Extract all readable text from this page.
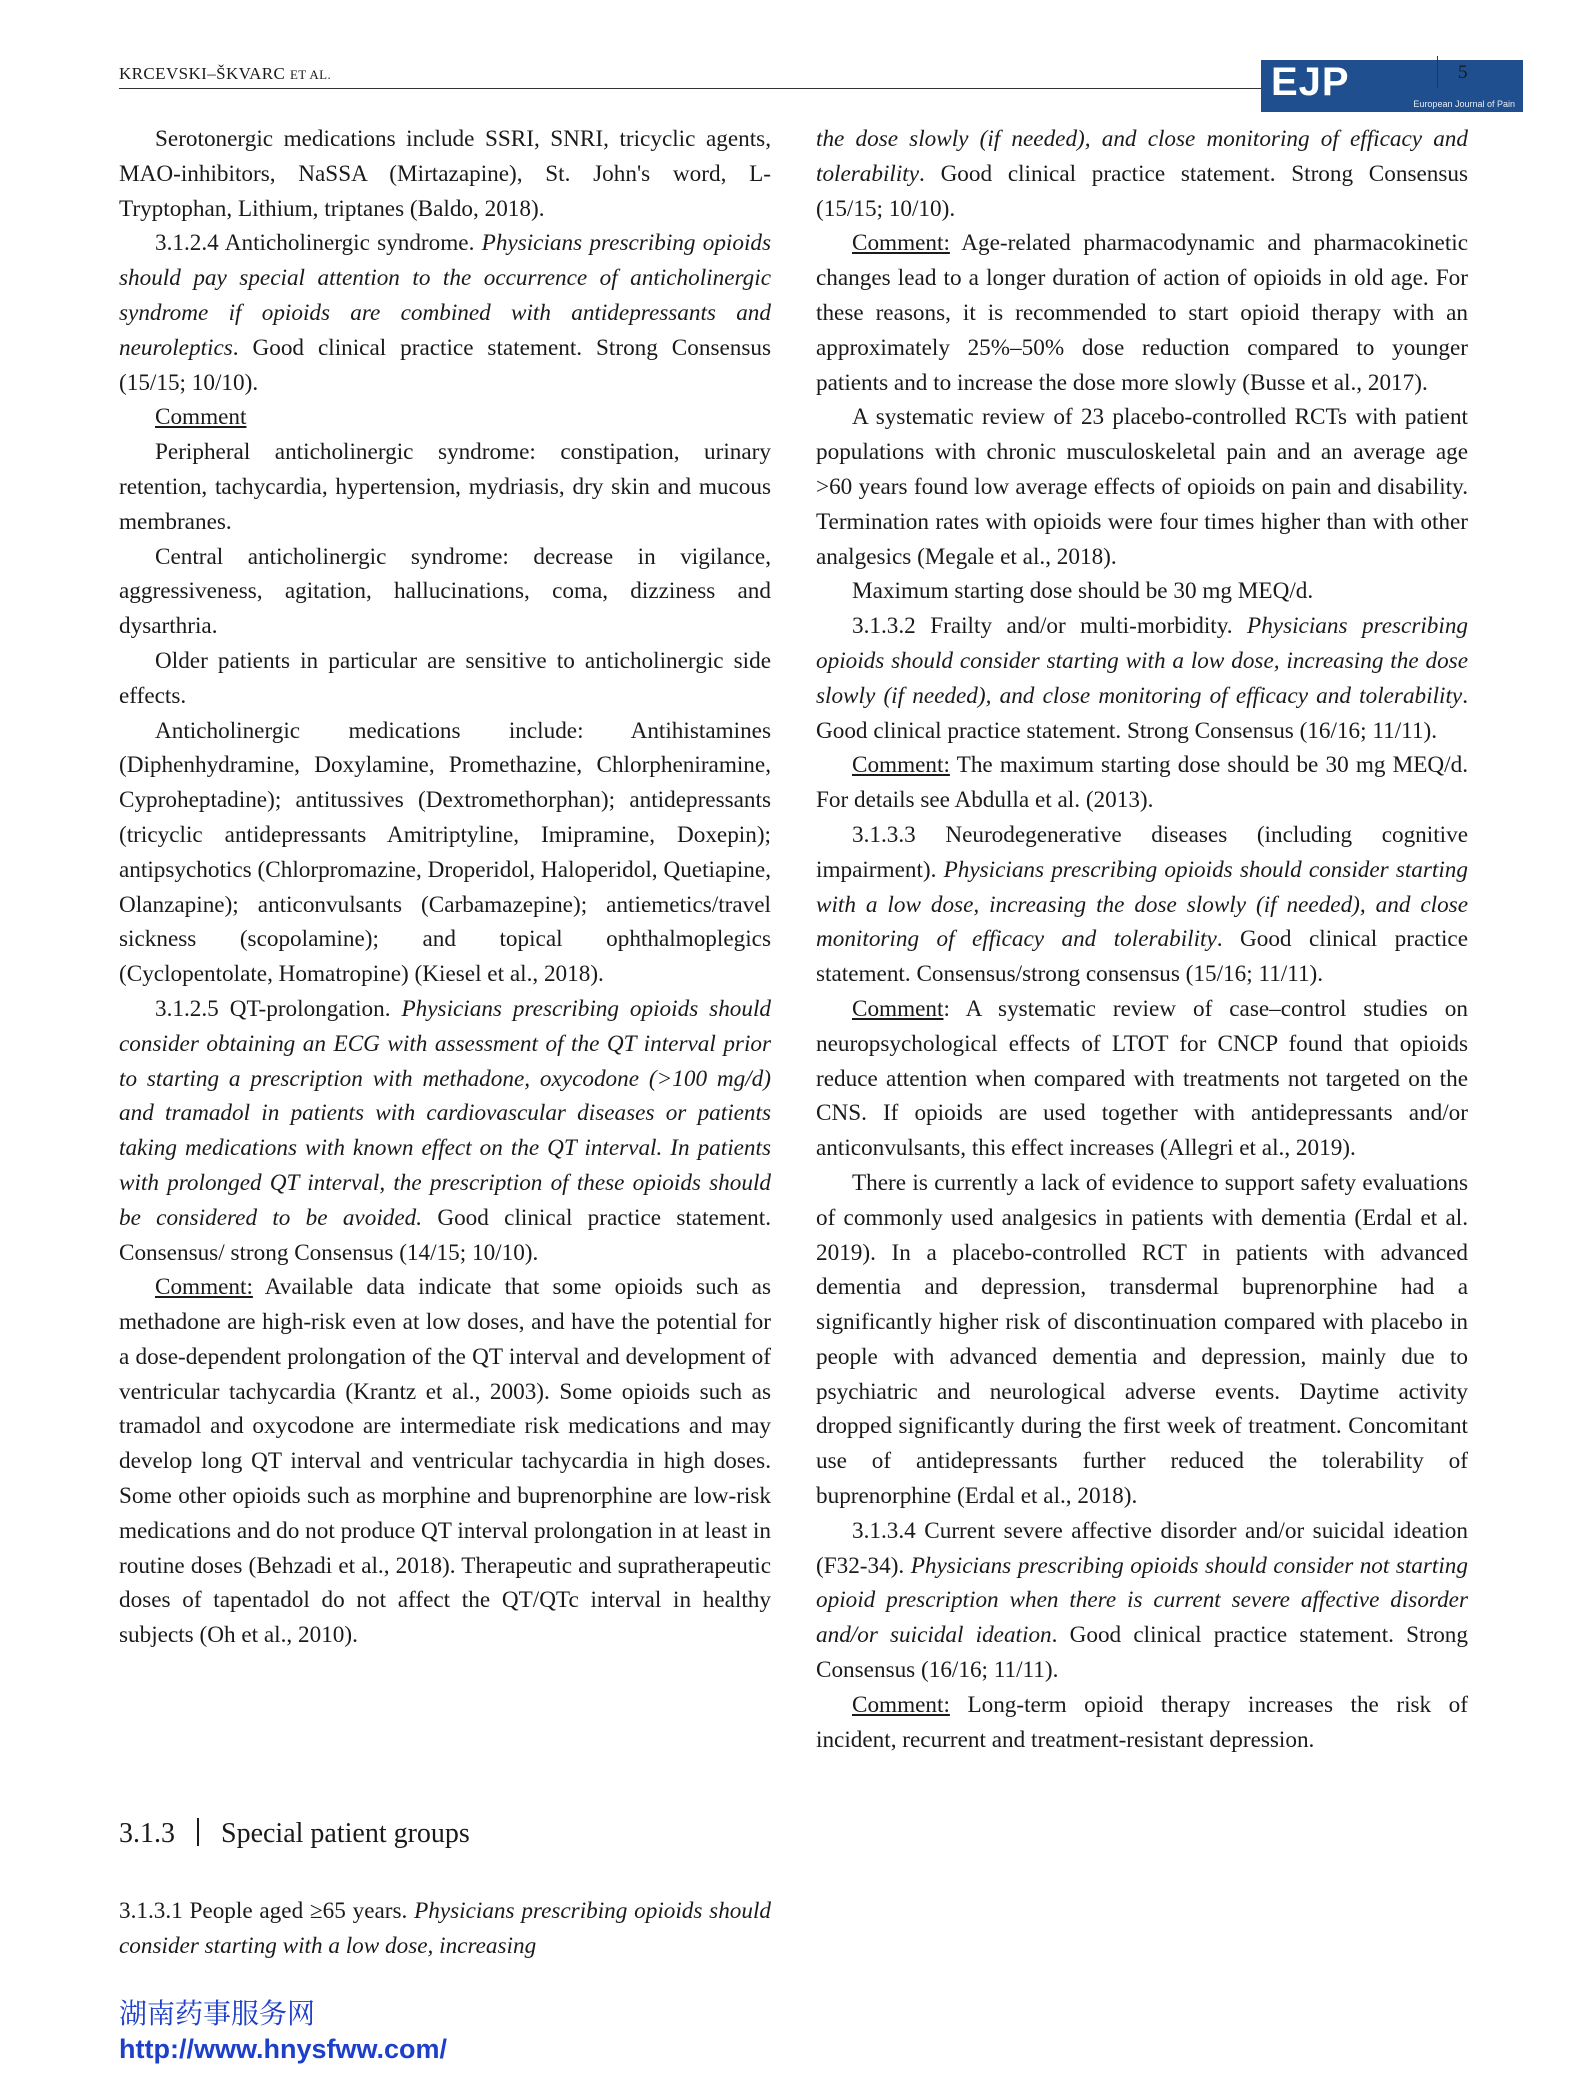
KRCEVSKI–ŠKVARC ET AL.	EJP	European Journal of Pain
5

Serotonergic medications include SSRI, SNRI, tricyclic agents, MAO-inhibitors, NaSSA (Mirtazapine), St. John's word, L-Tryptophan, Lithium, triptanes (Baldo, 2018).

3.1.2.4 Anticholinergic syndrome. Physicians prescribing opioids should pay special attention to the occurrence of anticholinergic syndrome if opioids are combined with antidepressants and neuroleptics. Good clinical practice statement. Strong Consensus (15/15; 10/10).

Comment

Peripheral anticholinergic syndrome: constipation, urinary retention, tachycardia, hypertension, mydriasis, dry skin and mucous membranes.

Central anticholinergic syndrome: decrease in vigilance, aggressiveness, agitation, hallucinations, coma, dizziness and dysarthria.

Older patients in particular are sensitive to anticholinergic side effects.

Anticholinergic medications include: Antihistamines (Diphenhydramine, Doxylamine, Promethazine, Chlorpheniramine, Cyproheptadine); antitussives (Dextromethorphan); antidepressants (tricyclic antidepressants Amitriptyline, Imipramine, Doxepin); antipsychotics (Chlorpromazine, Droperidol, Haloperidol, Quetiapine, Olanzapine); anticonvulsants (Carbamazepine); antiemetics/travel sickness (scopolamine); and topical ophthalmoplegics (Cyclopentolate, Homatropine) (Kiesel et al., 2018).

3.1.2.5 QT-prolongation. Physicians prescribing opioids should consider obtaining an ECG with assessment of the QT interval prior to starting a prescription with methadone, oxycodone (>100 mg/d) and tramadol in patients with cardiovascular diseases or patients taking medications with known effect on the QT interval. In patients with prolonged QT interval, the prescription of these opioids should be considered to be avoided. Good clinical practice statement. Consensus/ strong Consensus (14/15; 10/10).

Comment: Available data indicate that some opioids such as methadone are high-risk even at low doses, and have the potential for a dose-dependent prolongation of the QT interval and development of ventricular tachycardia (Krantz et al., 2003). Some opioids such as tramadol and oxycodone are intermediate risk medications and may develop long QT interval and ventricular tachycardia in high doses. Some other opioids such as morphine and buprenorphine are low-risk medications and do not produce QT interval prolongation in at least in routine doses (Behzadi et al., 2018). Therapeutic and supratherapeutic doses of tapentadol do not affect the QT/QTc interval in healthy subjects (Oh et al., 2010).

3.1.3 Special patient groups

3.1.3.1 People aged ≥65 years. Physicians prescribing opioids should consider starting with a low dose, increasing

the dose slowly (if needed), and close monitoring of efficacy and tolerability. Good clinical practice statement. Strong Consensus (15/15; 10/10).

Comment: Age-related pharmacodynamic and pharmacokinetic changes lead to a longer duration of action of opioids in old age. For these reasons, it is recommended to start opioid therapy with an approximately 25%–50% dose reduction compared to younger patients and to increase the dose more slowly (Busse et al., 2017).

A systematic review of 23 placebo-controlled RCTs with patient populations with chronic musculoskeletal pain and an average age >60 years found low average effects of opioids on pain and disability. Termination rates with opioids were four times higher than with other analgesics (Megale et al., 2018).

Maximum starting dose should be 30 mg MEQ/d.

3.1.3.2 Frailty and/or multi-morbidity. Physicians prescribing opioids should consider starting with a low dose, increasing the dose slowly (if needed), and close monitoring of efficacy and tolerability. Good clinical practice statement. Strong Consensus (16/16; 11/11).

Comment: The maximum starting dose should be 30 mg MEQ/d. For details see Abdulla et al. (2013).

3.1.3.3 Neurodegenerative diseases (including cognitive impairment). Physicians prescribing opioids should consider starting with a low dose, increasing the dose slowly (if needed), and close monitoring of efficacy and tolerability. Good clinical practice statement. Consensus/strong consensus (15/16; 11/11).

Comment: A systematic review of case–control studies on neuropsychological effects of LTOT for CNCP found that opioids reduce attention when compared with treatments not targeted on the CNS. If opioids are used together with antidepressants and/or anticonvulsants, this effect increases (Allegri et al., 2019).

There is currently a lack of evidence to support safety evaluations of commonly used analgesics in patients with dementia (Erdal et al. 2019). In a placebo-controlled RCT in patients with advanced dementia and depression, transdermal buprenorphine had a significantly higher risk of discontinuation compared with placebo in people with advanced dementia and depression, mainly due to psychiatric and neurological adverse events. Daytime activity dropped significantly during the first week of treatment. Concomitant use of antidepressants further reduced the tolerability of buprenorphine (Erdal et al., 2018).

3.1.3.4 Current severe affective disorder and/or suicidal ideation (F32-34). Physicians prescribing opioids should consider not starting opioid prescription when there is current severe affective disorder and/or suicidal ideation. Good clinical practice statement. Strong Consensus (16/16; 11/11).

Comment: Long-term opioid therapy increases the risk of incident, recurrent and treatment-resistant depression.

湖南药事服务网
http://www.hnysfww.com/
